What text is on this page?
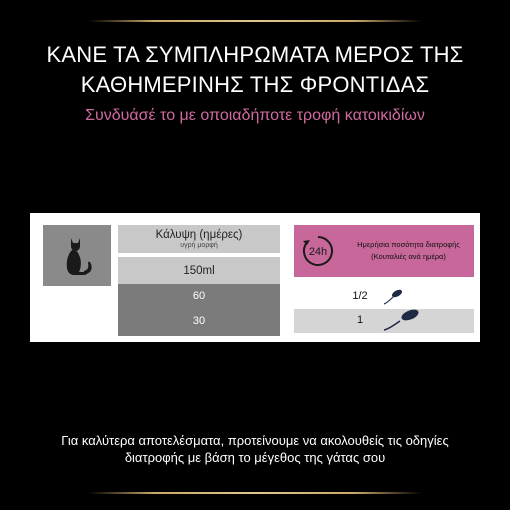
ΚΑΝΕ ΤΑ ΣΥΜΠΛΗΡΩΜΑΤΑ ΜΕΡΟΣ ΤΗΣ
ΚΑΘΗΜΕΡΙΝΗΣ ΤΗΣ ΦΡΟΝΤΙΔΑΣ
Συνδυάσέ το με οποιαδήποτε τροφή κατοικιδίων
Κάλυψη (ημέρες)
υγρή μορφή
150ml
3-7kg
>7kg
60
30
24h
Ημερήσια ποσότητα διατροφής
(Κουταλιές ανά ημέρα)
1/2
1
Για καλύτερα αποτελέσματα, προτείνουμε να ακολουθείς τις οδηγίες
διατροφής με βάση το μέγεθος της γάτας σου
